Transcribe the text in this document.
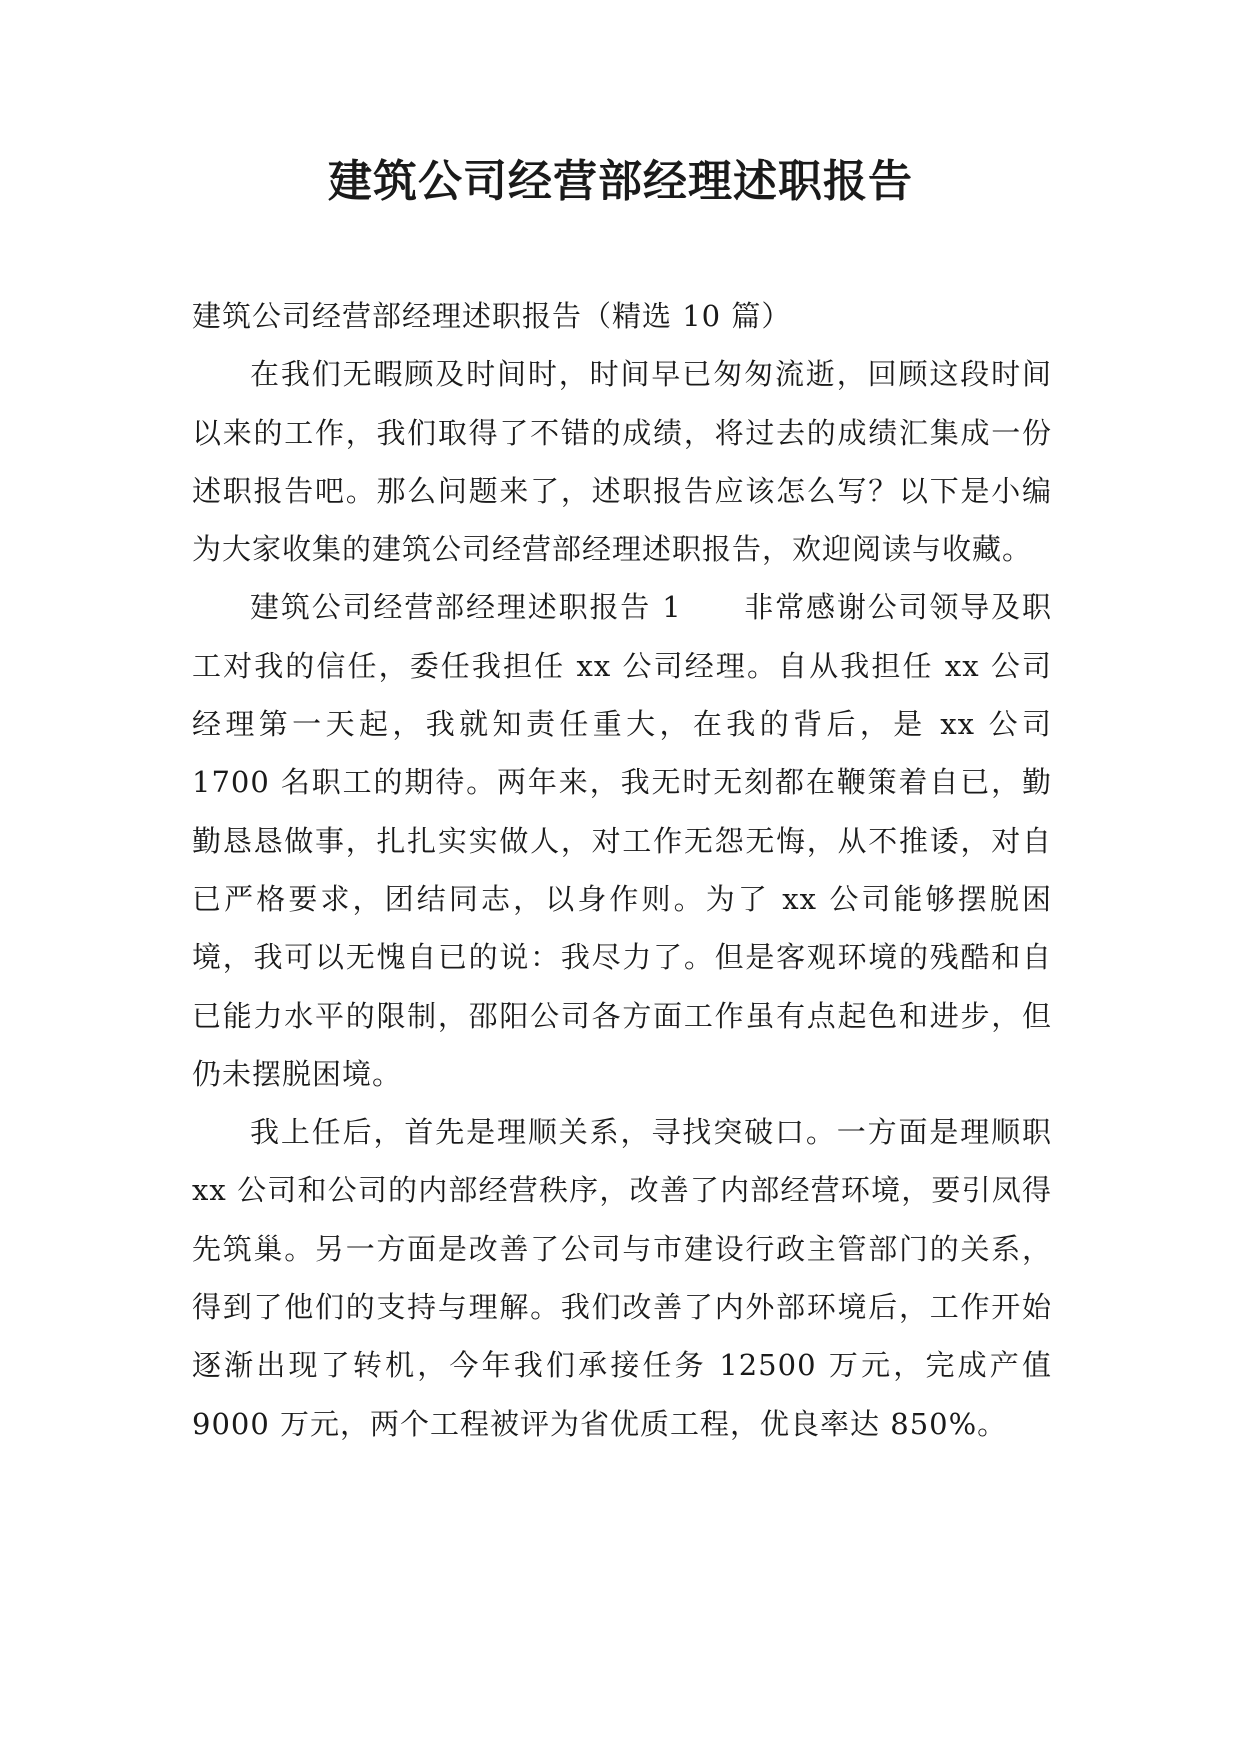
建筑公司经营部经理述职报告

建筑公司经营部经理述职报告（精选 10 篇）

在我们无暇顾及时间时，时间早已匆匆流逝，回顾这段时间以来的工作，我们取得了不错的成绩，将过去的成绩汇集成一份述职报告吧。那么问题来了，述职报告应该怎么写？以下是小编为大家收集的建筑公司经营部经理述职报告，欢迎阅读与收藏。

建筑公司经营部经理述职报告 1　　非常感谢公司领导及职工对我的信任，委任我担任 xx 公司经理。自从我担任 xx 公司经理第一天起，我就知责任重大，在我的背后，是 xx 公司 1700 名职工的期待。两年来，我无时无刻都在鞭策着自已，勤勤恳恳做事，扎扎实实做人，对工作无怨无悔，从不推诿，对自已严格要求，团结同志，以身作则。为了 xx 公司能够摆脱困境，我可以无愧自已的说：我尽力了。但是客观环境的残酷和自已能力水平的限制，邵阳公司各方面工作虽有点起色和进步，但仍未摆脱困境。

我上任后，首先是理顺关系，寻找突破口。一方面是理顺职 xx 公司和公司的内部经营秩序，改善了内部经营环境，要引凤得先筑巢。另一方面是改善了公司与市建设行政主管部门的关系，得到了他们的支持与理解。我们改善了内外部环境后，工作开始逐渐出现了转机，今年我们承接任务 12500 万元，完成产值 9000 万元，两个工程被评为省优质工程，优良率达 850%。
